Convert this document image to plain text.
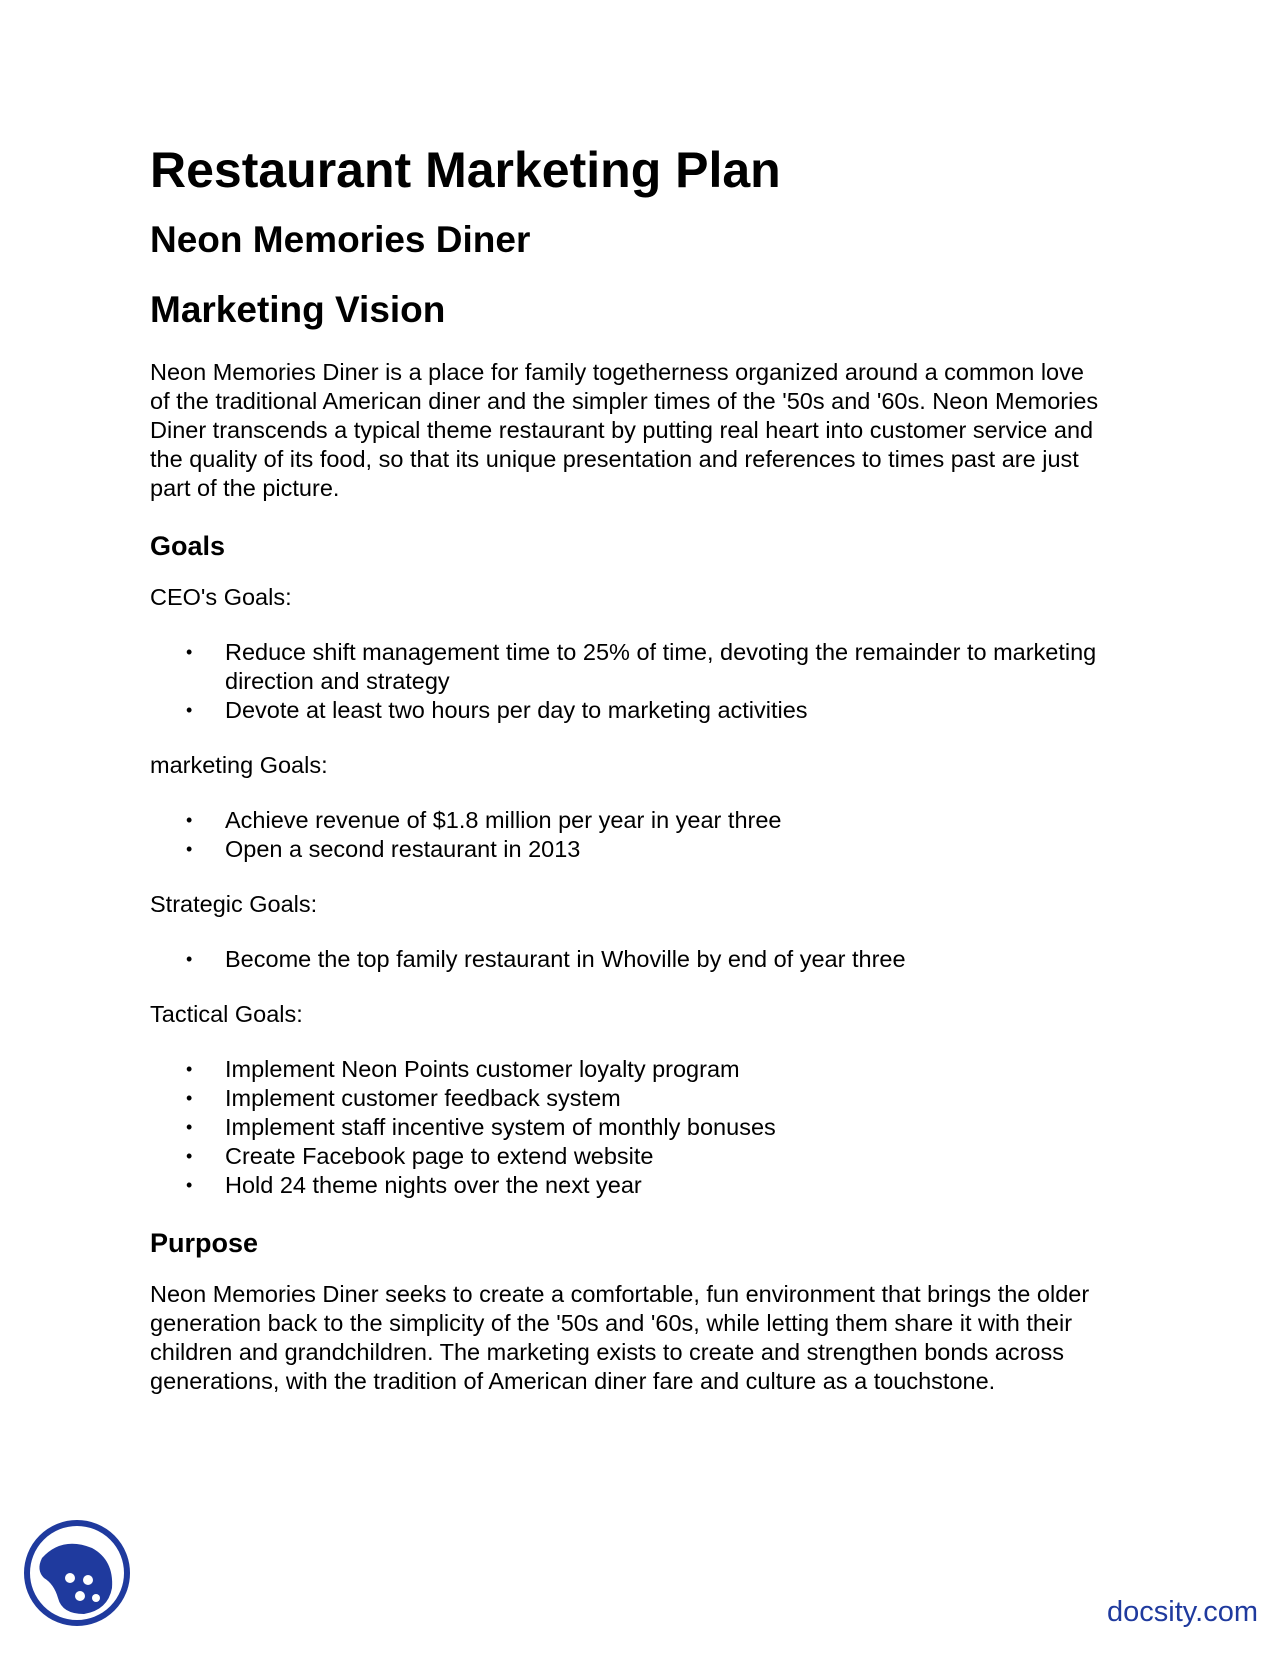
Restaurant Marketing Plan
Neon Memories Diner
Marketing Vision

Neon Memories Diner is a place for family togetherness organized around a common love of the traditional American diner and the simpler times of the '50s and '60s. Neon Memories Diner transcends a typical theme restaurant by putting real heart into customer service and the quality of its food, so that its unique presentation and references to times past are just part of the picture.

Goals

CEO's Goals:

• Reduce shift management time to 25% of time, devoting the remainder to marketing direction and strategy
• Devote at least two hours per day to marketing activities

marketing Goals:

• Achieve revenue of $1.8 million per year in year three
• Open a second restaurant in 2013

Strategic Goals:

• Become the top family restaurant in Whoville by end of year three

Tactical Goals:

• Implement Neon Points customer loyalty program
• Implement customer feedback system
• Implement staff incentive system of monthly bonuses
• Create Facebook page to extend website
• Hold 24 theme nights over the next year
Purpose

Neon Memories Diner seeks to create a comfortable, fun environment that brings the older generation back to the simplicity of the '50s and '60s, while letting them share it with their children and grandchildren. The marketing exists to create and strengthen bonds across generations, with the tradition of American diner fare and culture as a touchstone.

docsity.com
